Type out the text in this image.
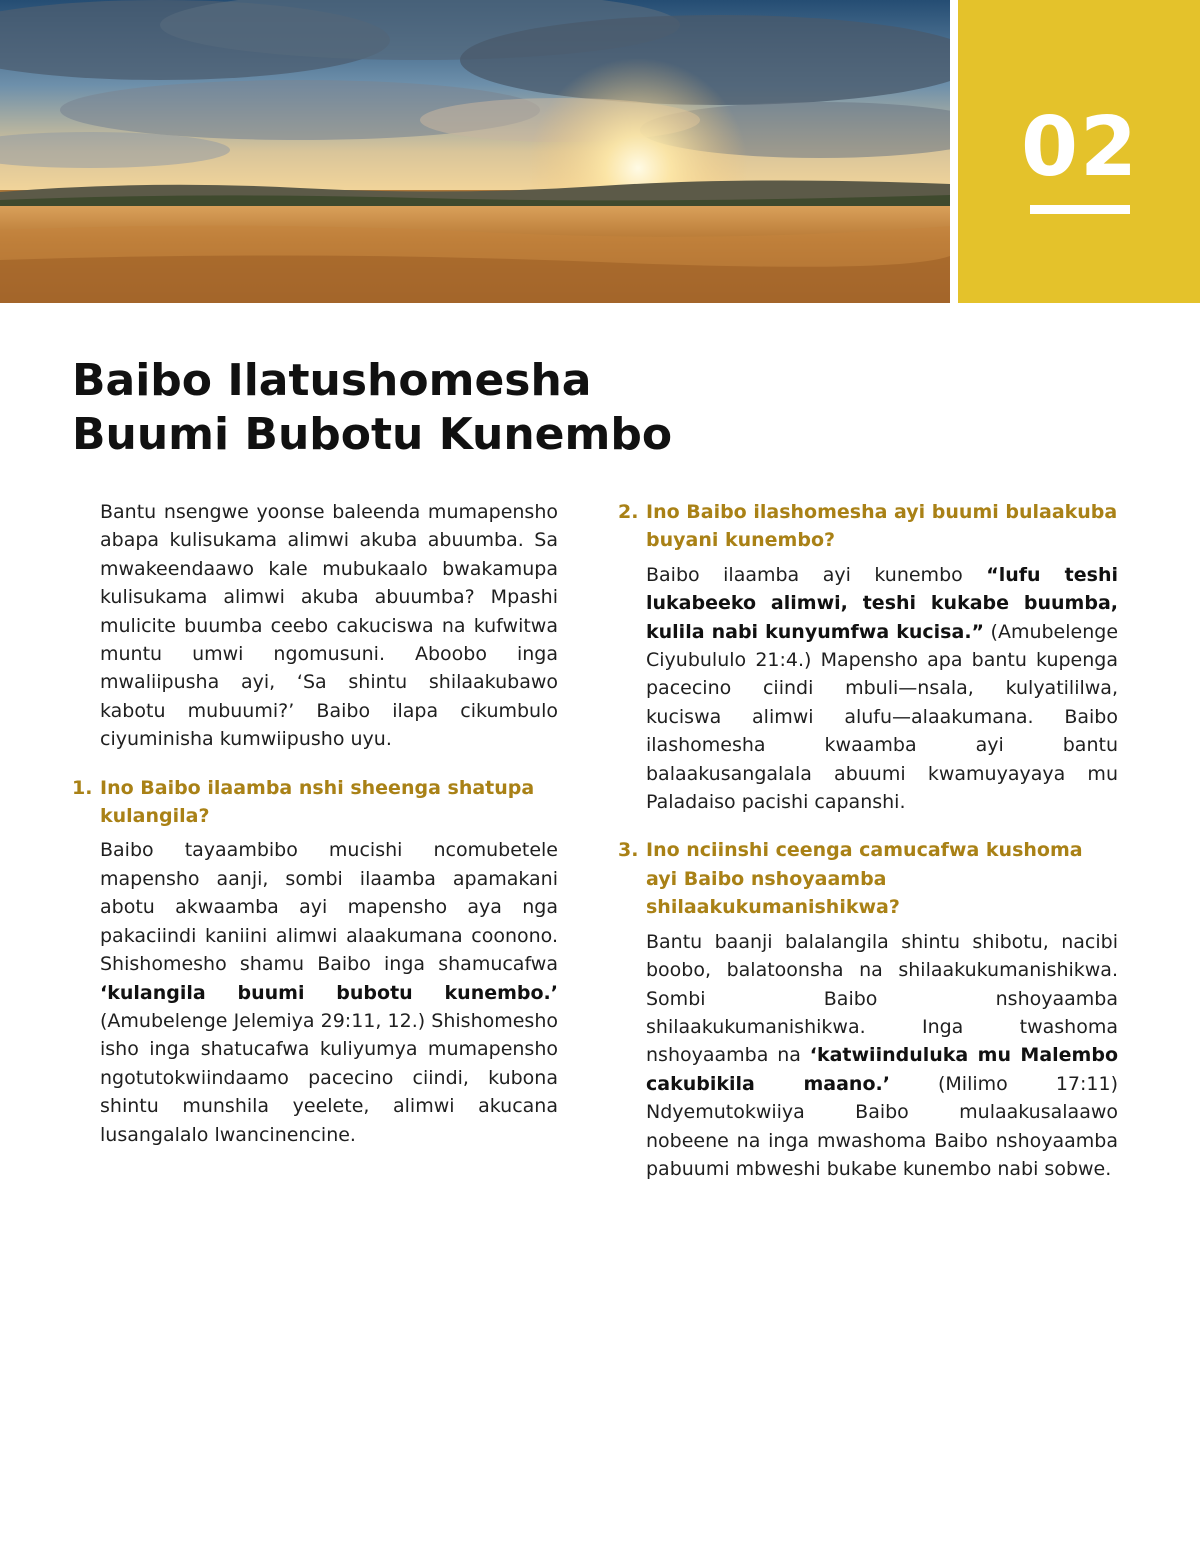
02
Baibo Ilatushomesha
Buumi Bubotu Kunembo

Bantu nsengwe yoonse baleenda mumapensho abapa kulisukama alimwi akuba abuumba. Sa mwakeendaawo kale mubukaalo bwakamupa kulisukama alimwi akuba abuumba? Mpashi mulicite buumba ceebo cakuciswa na kufwitwa muntu umwi ngomusuni. Aboobo inga mwaliipusha ayi, ‘Sa shintu shilaakubawo kabotu mubuumi?’ Baibo ilapa cikumbulo ciyuminisha kumwiipusho uyu.

1. Ino Baibo ilaamba nshi sheenga shatupa kulangila?

Baibo tayaambibo mucishi ncomubetele mapensho aanji, sombi ilaamba apamakani abotu akwaamba ayi mapensho aya nga pakaciindi kaniini alimwi alaakumana coonono. Shishomesho shamu Baibo inga shamucafwa ‘kulangila buumi bubotu kunembo.’ (Amubelenge Jelemiya 29:11, 12.) Shishomesho isho inga shatucafwa kuliyumya mumapensho ngotutokwiindaamo pacecino ciindi, kubona shintu munshila yeelete, alimwi akucana lusangalalo lwancinencine.

2. Ino Baibo ilashomesha ayi buumi bulaakuba buyani kunembo?

Baibo ilaamba ayi kunembo “lufu teshi lukabeeko alimwi, teshi kukabe buumba, kulila nabi kunyumfwa kucisa.” (Amubelenge Ciyubululo 21:4.) Mapensho apa bantu kupenga pacecino ciindi mbuli—nsala, kulyatililwa, kuciswa alimwi alufu—alaakumana. Baibo ilashomesha kwaamba ayi bantu balaakusangalala abuumi kwamuyayaya mu Paladaiso pacishi capanshi.

3. Ino nciinshi ceenga camucafwa kushoma ayi Baibo nshoyaamba shilaakukumanishikwa?

Bantu baanji balalangila shintu shibotu, nacibi boobo, balatoonsha na shilaakukumanishikwa. Sombi Baibo nshoyaamba shilaakukumanishikwa. Inga twashoma nshoyaamba na ‘katwiinduluka mu Malembo cakubikila maano.’ (Milimo 17:11) Ndyemutokwiiya Baibo mulaakusalaawo nobeene na inga mwashoma Baibo nshoyaamba pabuumi mbweshi bukabe kunembo nabi sobwe.
